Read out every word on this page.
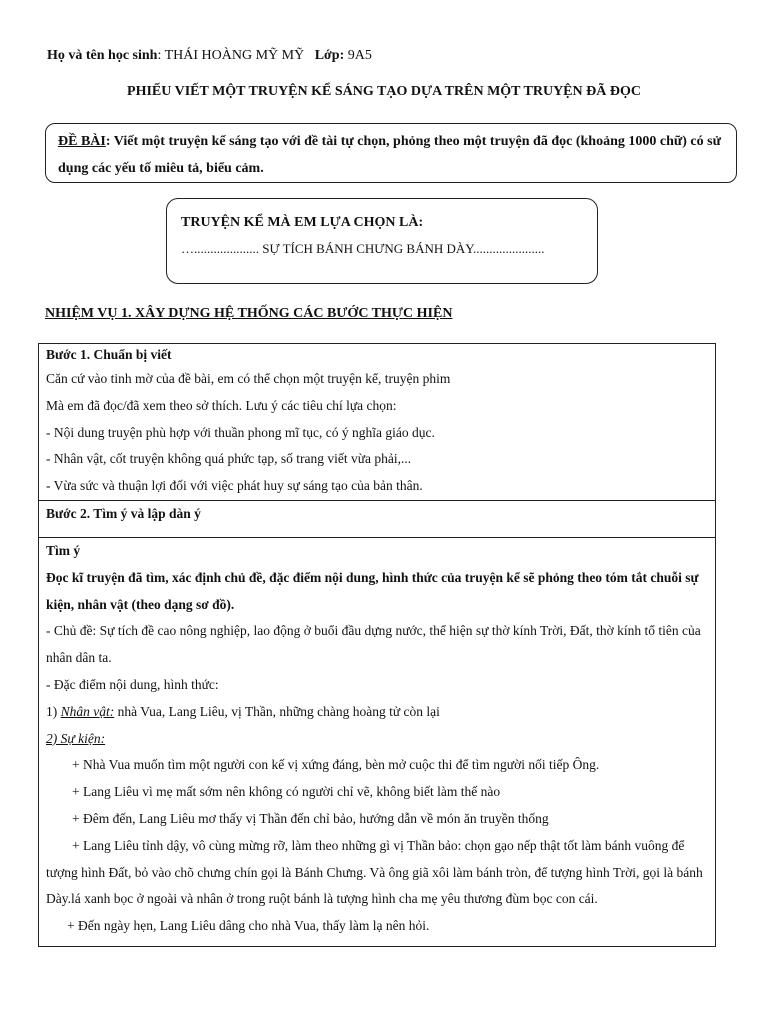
Họ và tên học sinh: THÁI HOÀNG MỸ MỸ Lớp: 9A5
PHIẾU VIẾT MỘT TRUYỆN KỂ SÁNG TẠO DỰA TRÊN MỘT TRUYỆN ĐÃ ĐỌC
ĐỀ BÀI: Viết một truyện kể sáng tạo với đề tài tự chọn, phỏng theo một truyện đã đọc (khoảng 1000 chữ) có sử dụng các yếu tố miêu tả, biểu cảm.
TRUYỆN KỂ MÀ EM LỰA CHỌN LÀ:
….................... SỰ TÍCH BÁNH CHƯNG BÁNH DÀY......................
NHIỆM VỤ 1. XÂY DỰNG HỆ THỐNG CÁC BƯỚC THỰC HIỆN
Bước 1. Chuẩn bị viết
Căn cứ vào tinh mờ của đề bài, em có thể chọn một truyện kể, truyện phim
Mà em đã đọc/đã xem theo sở thích. Lưu ý các tiêu chí lựa chọn:
- Nội dung truyện phù hợp với thuần phong mĩ tục, có ý nghĩa giáo dục.
- Nhân vật, cốt truyện không quá phức tạp, số trang viết vừa phải,...
- Vừa sức và thuận lợi đối với việc phát huy sự sáng tạo của bản thân.

Bước 2. Tìm ý và lập dàn ý

Tìm ý
Đọc kĩ truyện đã tìm, xác định chủ đề, đặc điểm nội dung, hình thức của truyện kể sẽ phỏng theo tóm tắt chuỗi sự kiện, nhân vật (theo dạng sơ đồ).
- Chủ đề: Sự tích đề cao nông nghiệp, lao động ở buổi đầu dựng nước, thể hiện sự thờ kính Trời, Đất, thờ kính tổ tiên của nhân dân ta.
- Đặc điểm nội dung, hình thức:
1) Nhân vật: nhà Vua, Lang Liêu, vị Thần, những chàng hoàng tử còn lại
2) Sự kiện:
+ Nhà Vua muốn tìm một người con kế vị xứng đáng, bèn mở cuộc thi để tìm người nối tiếp Ông.
+ Lang Liêu vì mẹ mất sớm nên không có người chỉ vẽ, không biết làm thế nào
+ Đêm đến, Lang Liêu mơ thấy vị Thần đến chỉ bảo, hướng dẫn về món ăn truyền thống
+ Lang Liêu tỉnh dậy, vô cùng mừng rỡ, làm theo những gì vị Thần bảo: chọn gạo nếp thật tốt làm bánh vuông để tượng hình Đất, bỏ vào chõ chưng chín gọi là Bánh Chưng. Và ông giã xôi làm bánh tròn, để tượng hình Trời, gọi là bánh Dày.lá xanh bọc ở ngoài và nhân ở trong ruột bánh là tượng hình cha mẹ yêu thương đùm bọc con cái.
+ Đến ngày hẹn, Lang Liêu dâng cho nhà Vua, thấy làm lạ nên hỏi.
